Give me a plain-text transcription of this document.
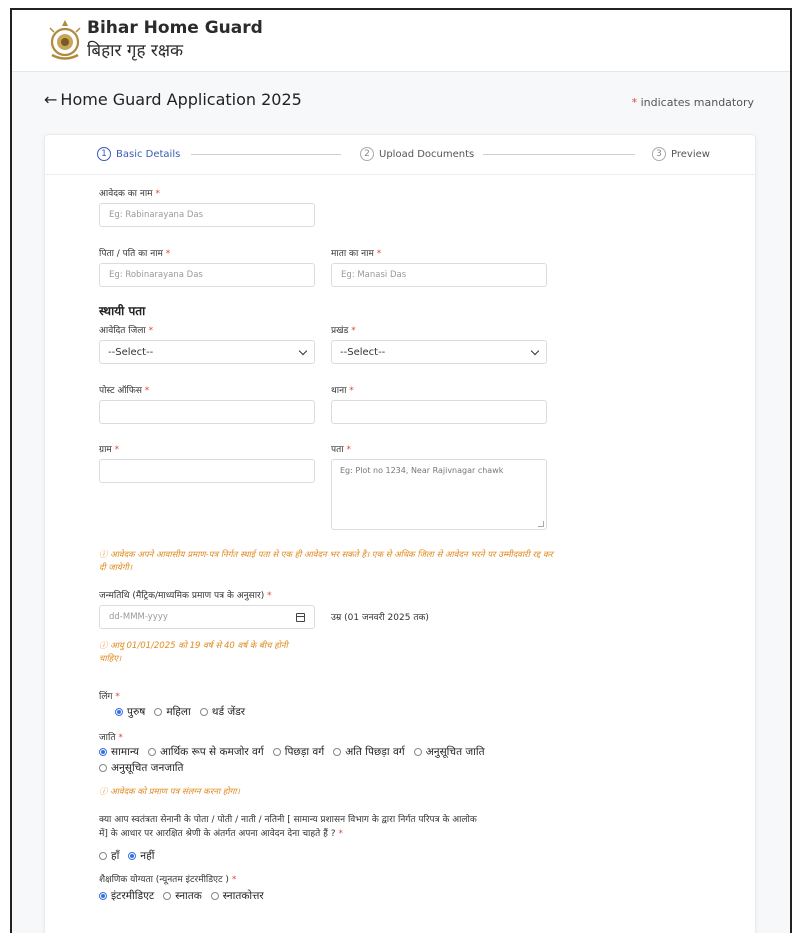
Bihar Home Guard
बिहार गृह रक्षक
← Home Guard Application 2025	* indicates mandatory
1 Basic Details	2 Upload Documents	3 Preview
आवेदक का नाम *
Eg: Rabinarayana Das
पिता / पति का नाम *
Eg: Robinarayana Das
माता का नाम *
Eg: Manasi Das
स्थायी पता
आवेदित जिला *
--Select--
प्रखंड *
--Select--
पोस्ट ऑफिस *	थाना *
ग्राम *	पता *
Eg: Plot no 1234, Near Rajivnagar chawk
ⓘ आवेदक अपने आवासीय प्रमाण-पत्र निर्गत स्थाई पता से एक ही आवेदन भर सकते है। एक से अधिक जिला से आवेदन भरने पर उम्मीदवारी रद्द कर दी जायेगी।
जन्मतिथि (मैट्रिक/माध्यमिक प्रमाण पत्र के अनुसार) *
dd-MMM-yyyy	उम्र (01 जनवरी 2025 तक)
ⓘ आयु 01/01/2025 को 19 वर्ष से 40 वर्ष के बीच होनी चाहिए।
लिंग *
पुरुष महिला थर्ड जेंडर
जाति *
सामान्य आर्थिक रूप से कमजोर वर्ग पिछड़ा वर्ग अति पिछड़ा वर्ग अनुसूचित जाति
अनुसूचित जनजाति
ⓘ आवेदक को प्रमाण पत्र संलग्न करना होगा।
क्या आप स्वतंत्रता सेनानी के पोता / पोती / नाती / नतिनी [ सामान्य प्रशासन विभाग के द्वारा निर्गत परिपत्र के आलोक में] के आधार पर आरक्षित श्रेणी के अंतर्गत अपना आवेदन देना चाहते हैं ? *
हाँ नहीं
शैक्षणिक योग्यता (न्यूनतम इंटरमीडिएट ) *
इंटरमीडिएट स्नातक स्नातकोत्तर
